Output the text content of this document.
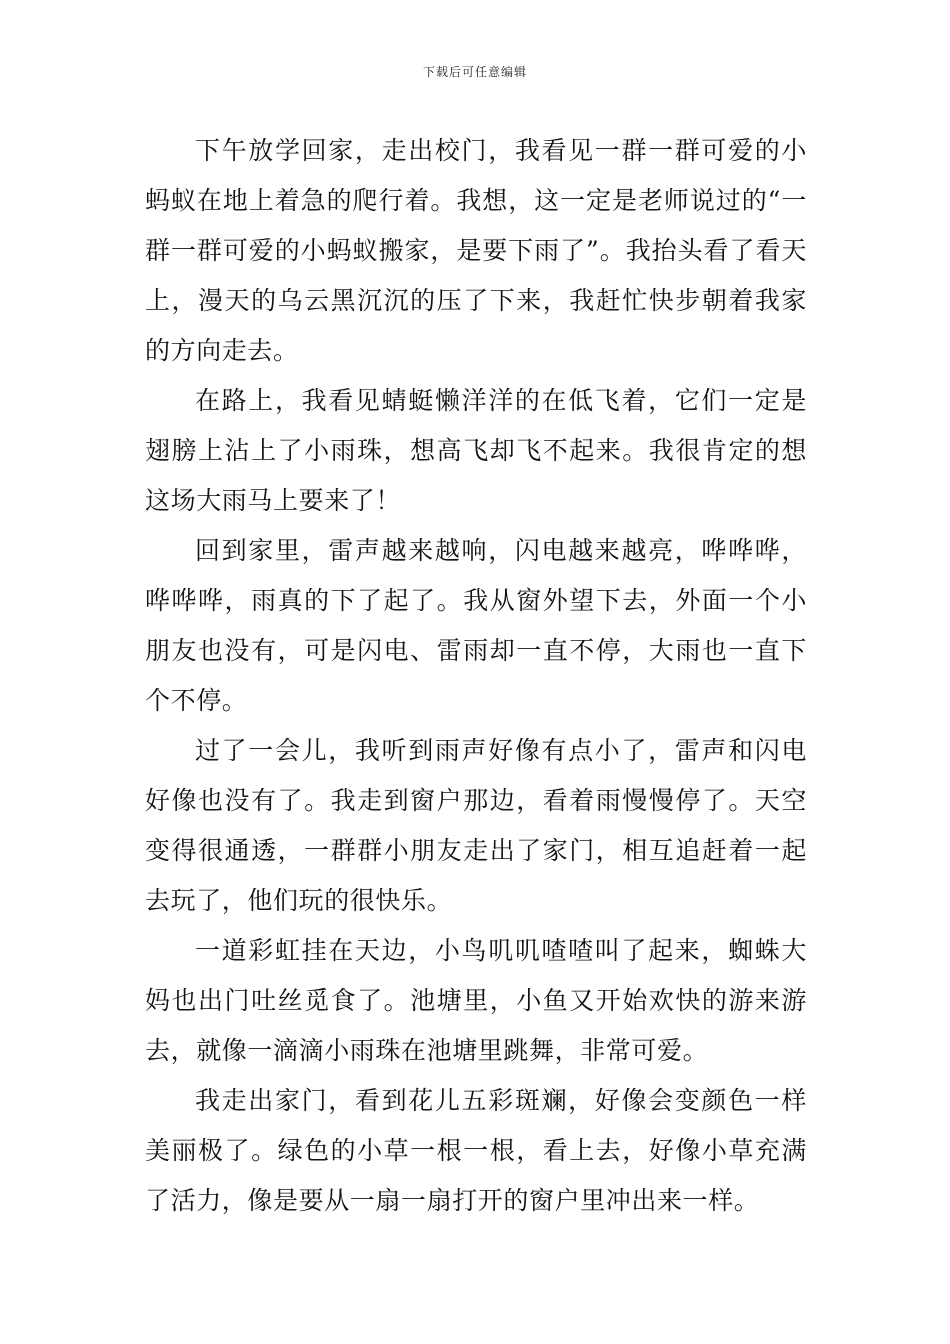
下载后可任意编辑

下午放学回家，走出校门，我看见一群一群可爱的小蚂蚁在地上着急的爬行着。我想，这一定是老师说过的“一群一群可爱的小蚂蚁搬家，是要下雨了”。我抬头看了看天上，漫天的乌云黑沉沉的压了下来，我赶忙快步朝着我家的方向走去。

在路上，我看见蜻蜓懒洋洋的在低飞着，它们一定是翅膀上沾上了小雨珠，想高飞却飞不起来。我很肯定的想这场大雨马上要来了！

回到家里，雷声越来越响，闪电越来越亮，哗哗哗，哗哗哗，雨真的下了起了。我从窗外望下去，外面一个小朋友也没有，可是闪电、雷雨却一直不停，大雨也一直下个不停。

过了一会儿，我听到雨声好像有点小了，雷声和闪电好像也没有了。我走到窗户那边，看着雨慢慢停了。天空变得很通透，一群群小朋友走出了家门，相互追赶着一起去玩了，他们玩的很快乐。

一道彩虹挂在天边，小鸟叽叽喳喳叫了起来，蜘蛛大妈也出门吐丝觅食了。池塘里，小鱼又开始欢快的游来游去，就像一滴滴小雨珠在池塘里跳舞，非常可爱。

我走出家门，看到花儿五彩斑斓，好像会变颜色一样美丽极了。绿色的小草一根一根，看上去，好像小草充满了活力，像是要从一扇一扇打开的窗户里冲出来一样。
